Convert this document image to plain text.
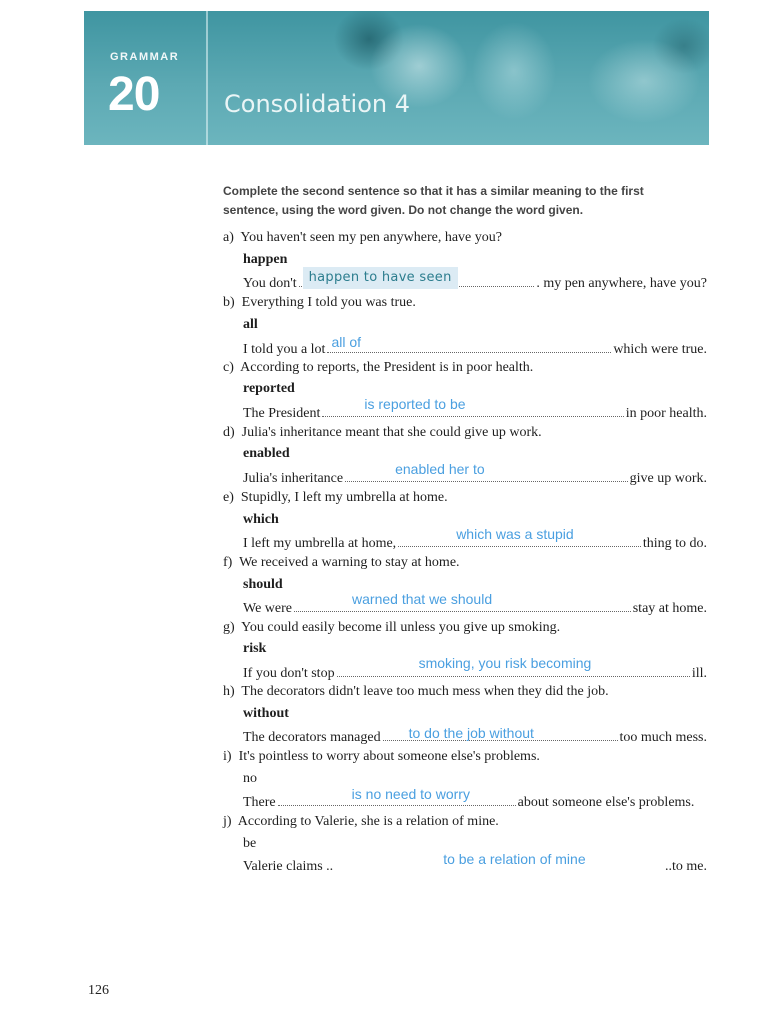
GRAMMAR
20	Consolidation 4
Complete the second sentence so that it has a similar meaning to the first sentence, using the word given. Do not change the word given.
a) You haven't seen my pen anywhere, have you?
happen
You don't happen to have seen	. my pen anywhere, have you?
b) Everything I told you was true.
all
I told you a lot all of	which were true.
c) According to reports, the President is in poor health.
reported
The President
is reported to be
in poor health.
d) Julia's inheritance meant that she could give up work.
enabled
Julia's inheritance
enabled her to
give up work.
e) Stupidly, I left my umbrella at home.
which
I left my umbrella at home,
which was a stupid
thing to do.
f) We received a warning to stay at home.
should
We were
warned that we should
stay at home.
g) You could easily become ill unless you give up smoking.
risk
If you don't stop
smoking, you risk becoming
ill.
h) The decorators didn't leave too much mess when they did the job.
without
The decorators managed to do the job without	too much mess.
i) It's pointless to worry about someone else's problems.
no
There
is no need to worry
about someone else's problems.
j) According to Valerie, she is a relation of mine.
be
Valerie claims ..	to be a relation of mine	..to me.
126
